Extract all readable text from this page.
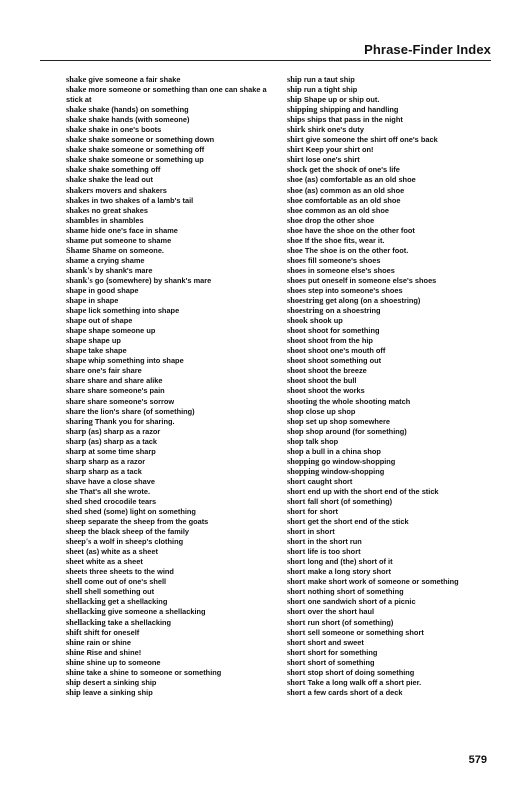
Phrase-Finder Index
shake give someone a fair shake
shake more someone or something than one can shake a stick at
shake shake (hands) on something
shake shake hands (with someone)
shake shake in one's boots
shake shake someone or something down
shake shake someone or something off
shake shake someone or something up
shake shake something off
shake shake the lead out
shakers movers and shakers
shakes in two shakes of a lamb's tail
shakes no great shakes
shambles in shambles
shame hide one's face in shame
shame put someone to shame
Shame Shame on someone.
shame a crying shame
shank's by shank's mare
shank's go (somewhere) by shank's mare
shape in good shape
shape in shape
shape lick something into shape
shape out of shape
shape shape someone up
shape shape up
shape take shape
shape whip something into shape
share one's fair share
share share and share alike
share share someone's pain
share share someone's sorrow
share the lion's share (of something)
sharing Thank you for sharing.
sharp (as) sharp as a razor
sharp (as) sharp as a tack
sharp at some time sharp
sharp sharp as a razor
sharp sharp as a tack
shave have a close shave
she That's all she wrote.
shed shed crocodile tears
shed shed (some) light on something
sheep separate the sheep from the goats
sheep the black sheep of the family
sheep's a wolf in sheep's clothing
sheet (as) white as a sheet
sheet white as a sheet
sheets three sheets to the wind
shell come out of one's shell
shell shell something out
shellacking get a shellacking
shellacking give someone a shellacking
shellacking take a shellacking
shift shift for oneself
shine rain or shine
shine Rise and shine!
shine shine up to someone
shine take a shine to someone or something
ship desert a sinking ship
ship leave a sinking ship
ship run a taut ship
ship run a tight ship
ship Shape up or ship out.
shipping shipping and handling
ships ships that pass in the night
shirk shirk one's duty
shirt give someone the shirt off one's back
shirt Keep your shirt on!
shirt lose one's shirt
shock get the shock of one's life
shoe (as) comfortable as an old shoe
shoe (as) common as an old shoe
shoe comfortable as an old shoe
shoe common as an old shoe
shoe drop the other shoe
shoe have the shoe on the other foot
shoe If the shoe fits, wear it.
shoe The shoe is on the other foot.
shoes fill someone's shoes
shoes in someone else's shoes
shoes put oneself in someone else's shoes
shoes step into someone's shoes
shoestring get along (on a shoestring)
shoestring on a shoestring
shook shook up
shoot shoot for something
shoot shoot from the hip
shoot shoot one's mouth off
shoot shoot something out
shoot shoot the breeze
shoot shoot the bull
shoot shoot the works
shooting the whole shooting match
shop close up shop
shop set up shop somewhere
shop shop around (for something)
shop talk shop
shop a bull in a china shop
shopping go window-shopping
shopping window-shopping
short caught short
short end up with the short end of the stick
short fall short (of something)
short for short
short get the short end of the stick
short in short
short in the short run
short life is too short
short long and (the) short of it
short make a long story short
short make short work of someone or something
short nothing short of something
short one sandwich short of a picnic
short over the short haul
short run short (of something)
short sell someone or something short
short short and sweet
short short for something
short short of something
short stop short of doing something
short Take a long walk off a short pier.
short a few cards short of a deck
579
